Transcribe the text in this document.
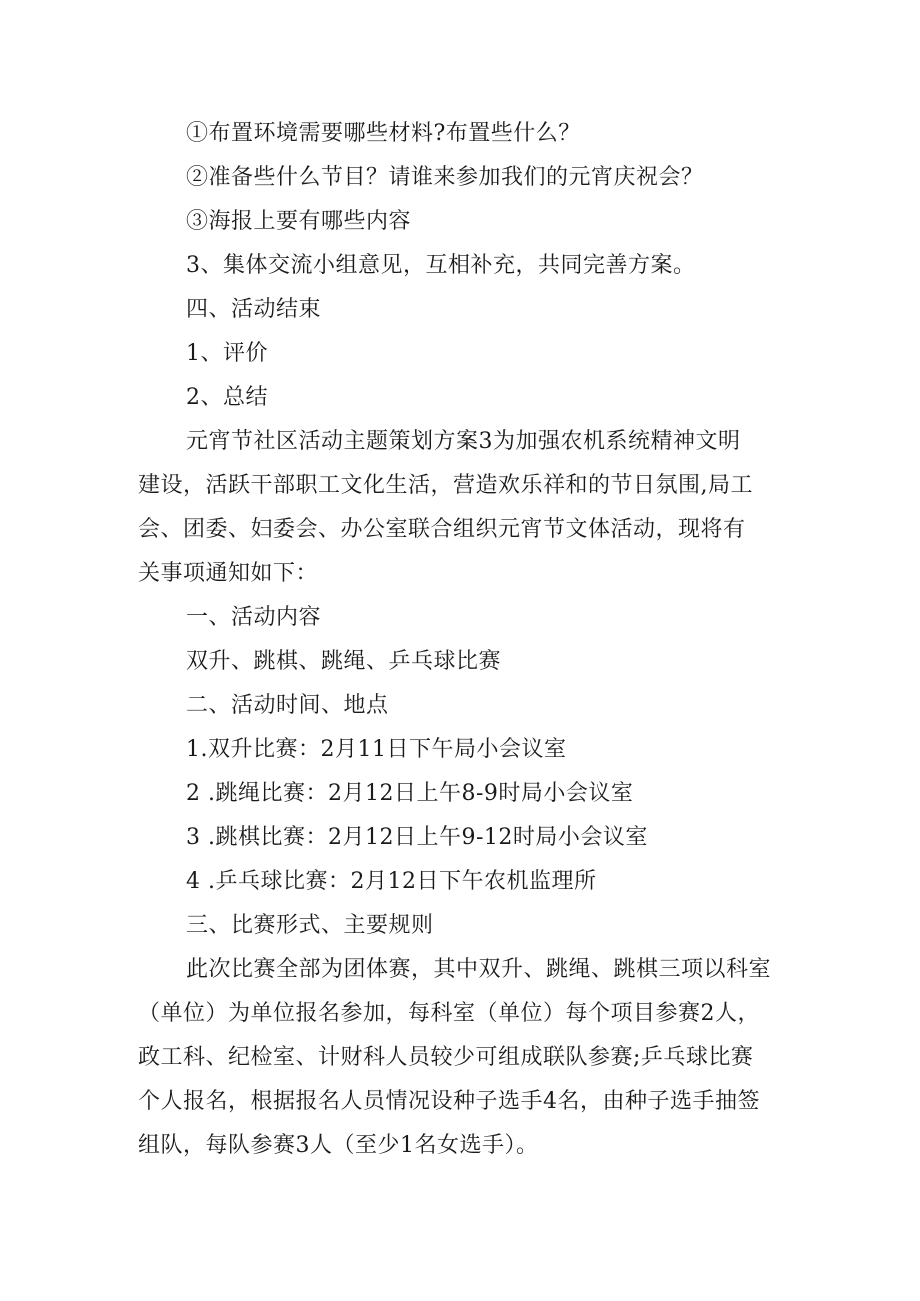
①布置环境需要哪些材料?布置些什么？
②准备些什么节目？请谁来参加我们的元宵庆祝会？
③海报上要有哪些内容
3、集体交流小组意见，互相补充，共同完善方案。
四、活动结束
1、评价
2、总结
元宵节社区活动主题策划方案3为加强农机系统精神文明
建设，活跃干部职工文化生活，营造欢乐祥和的节日氛围,局工
会、团委、妇委会、办公室联合组织元宵节文体活动，现将有
关事项通知如下：
一、活动内容
双升、跳棋、跳绳、乒乓球比赛
二、活动时间、地点
1.双升比赛：2月11日下午局小会议室
2 .跳绳比赛：2月12日上午8-9时局小会议室
3 .跳棋比赛：2月12日上午9-12时局小会议室
4 .乒乓球比赛：2月12日下午农机监理所
三、比赛形式、主要规则
此次比赛全部为团体赛，其中双升、跳绳、跳棋三项以科室
（单位）为单位报名参加，每科室（单位）每个项目参赛2人，
政工科、纪检室、计财科人员较少可组成联队参赛;乒乓球比赛
个人报名，根据报名人员情况设种子选手4名，由种子选手抽签
组队，每队参赛3人（至少1名女选手）。
